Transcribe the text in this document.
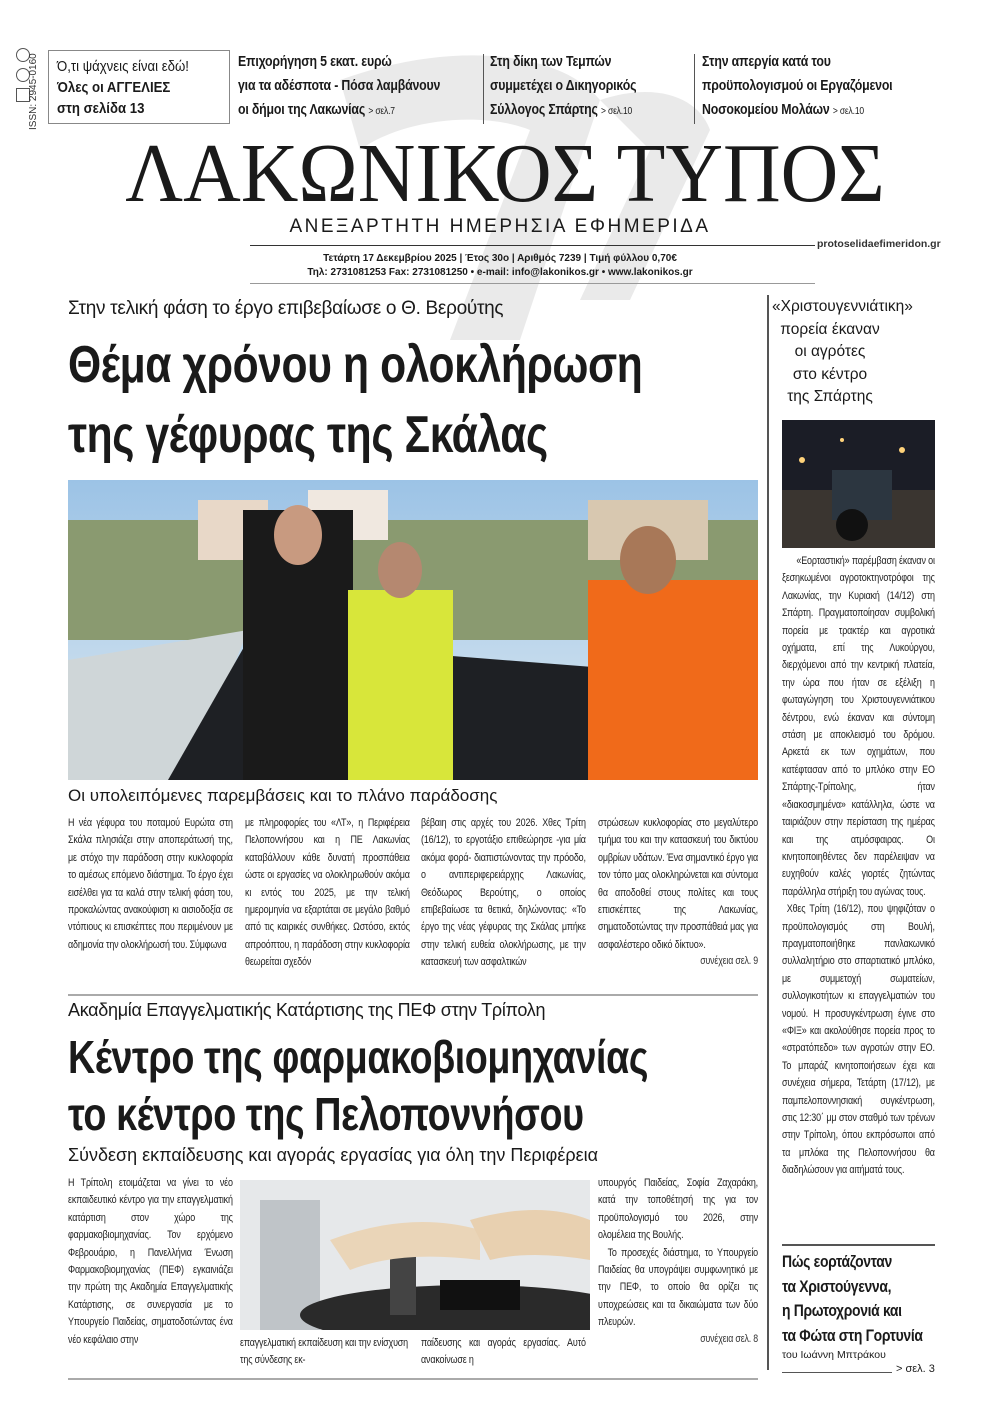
ISSN: 2945-0160 Ό,τι ψάχνεις είναι εδώ!
Όλες οι ΑΓΓΕΛΙΕΣ
στη σελίδα 13
Επιχορήγηση 5 εκατ. ευρώ
για τα αδέσποτα - Πόσα λαμβάνουν
οι δήμοι της Λακωνίας > σελ.7
Στη δίκη των Τεμπών
συμμετέχει ο Δικηγορικός
Σύλλογος Σπάρτης > σελ.10
Στην απεργία κατά του
προϋπολογισμού οι Εργαζόμενοι
Νοσοκομείου Μολάων > σελ.10
ΛΑΚΩΝΙΚΟΣ ΤΥΠΟΣ
ΑΝΕΞΑΡΤΗΤΗ ΗΜΕΡΗΣΙΑ ΕΦΗΜΕΡΙΔΑ
protoselidaefimeridon.gr
Τετάρτη 17 Δεκεμβρίου 2025 | Έτος 30ο | Αριθμός 7239 | Τιμή φύλλου 0,70€
Τηλ: 2731081253 Fax: 2731081250 • e-mail: info@lakonikos.gr • www.lakonikos.gr
Στην τελική φάση το έργο επιβεβαίωσε ο Θ. Βερούτης
Θέμα χρόνου η ολοκλήρωση
της γέφυρας της Σκάλας
Οι υπολειπόμενες παρεμβάσεις και το πλάνο παράδοσης
Η νέα γέφυρα του ποταμού Ευρώτα στη Σκάλα πλησιάζει στην αποπεράτωσή της, με στόχο την παράδοση στην κυκλοφορία το αμέσως επόμενο διάστημα. Το έργο έχει εισέλθει για τα καλά στην τελική φάση του, προκαλώντας ανακούφιση κι αισιοδοξία σε ντόπιους κι επισκέπτες που περιμένουν με αδημονία την ολοκλήρωσή του. Σύμφωνα
με πληροφορίες του «ΛΤ», η Περιφέρεια Πελοποννήσου και η ΠΕ Λακωνίας καταβάλλουν κάθε δυνατή προσπάθεια ώστε οι εργασίες να ολοκληρωθούν ακόμα κι εντός του 2025, με την τελική ημερομηνία να εξαρτάται σε μεγάλο βαθμό από τις καιρικές συνθήκες. Ωστόσο, εκτός απροόπτου, η παράδοση στην κυκλοφορία θεωρείται σχεδόν
βέβαιη στις αρχές του 2026. Χθες Τρίτη (16/12), το εργοτάξιο επιθεώρησε -για μία ακόμα φορά- διαπιστώνοντας την πρόοδο, ο αντιπεριφερειάρχης Λακωνίας, Θεόδωρος Βερούτης, ο οποίος επιβεβαίωσε τα θετικά, δηλώνοντας: «Το έργο της νέας γέφυρας της Σκάλας μπήκε στην τελική ευθεία ολοκλήρωσης, με την κατασκευή των ασφαλτικών
στρώσεων κυκλοφορίας στο μεγαλύτερο τμήμα του και την κατασκευή του δικτύου ομβρίων υδάτων. Ένα σημαντικό έργο για τον τόπο μας ολοκληρώνεται και σύντομα θα αποδοθεί στους πολίτες και τους επισκέπτες της Λακωνίας, σηματοδοτώντας την προσπάθειά μας για ασφαλέστερο οδικό δίκτυο».
συνέχεια σελ. 9
Ακαδημία Επαγγελματικής Κατάρτισης της ΠΕΦ στην Τρίπολη
Κέντρο της φαρμακοβιομηχανίας
το κέντρο της Πελοποννήσου
Σύνδεση εκπαίδευσης και αγοράς εργασίας για όλη την Περιφέρεια
Η Τρίπολη ετοιμάζεται να γίνει το νέο εκπαιδευτικό κέντρο για την επαγγελματική κατάρτιση στον χώρο της φαρμακοβιομηχανίας. Τον ερχόμενο Φεβρουάριο, η Πανελλήνια Ένωση Φαρμακοβιομηχανίας (ΠΕΦ) εγκαινιάζει την πρώτη της Ακαδημία Επαγγελματικής Κατάρτισης, σε συνεργασία με το Υπουργείο Παιδείας, σηματοδοτώντας ένα νέο κεφάλαιο στην	επαγγελματική εκπαίδευση και την ενίσχυση της σύνδεσης εκ-
παίδευσης και αγοράς εργασίας. Αυτό ανακοίνωσε η
υπουργός Παιδείας, Σοφία Ζαχαράκη, κατά την τοποθέτησή της για τον προϋπολογισμό του 2026, στην ολομέλεια της Βουλής.

Το προσεχές διάστημα, το Υπουργείο Παιδείας θα υπογράψει συμφωνητικό με την ΠΕΦ, το οποίο θα ορίζει τις υποχρεώσεις και τα δικαιώματα των δύο πλευρών.

συνέχεια σελ. 8
«Χριστουγεννιάτικη»
πορεία έκαναν
οι αγρότες
στο κέντρο
της Σπάρτης

«Εορταστική» παρέμβαση έκαναν οι ξεσηκωμένοι αγροτοκτηνοτρόφοι της Λακωνίας, την Κυριακή (14/12) στη Σπάρτη. Πραγματοποίησαν συμβολική πορεία με τρακτέρ και αγροτικά οχήματα, επί της Λυκούργου, διερχόμενοι από την κεντρική πλατεία, την ώρα που ήταν σε εξέλιξη η φωταγώγηση του Χριστουγεννιάτικου δέντρου, ενώ έκαναν και σύντομη στάση με αποκλεισμό του δρόμου. Αρκετά εκ των οχημάτων, που κατέφτασαν από το μπλόκο στην ΕΟ Σπάρτης-Τρίπολης, ήταν «διακοσμημένα» κατάλληλα, ώστε να ταιριάζουν στην περίσταση της ημέρας και της ατμόσφαιρας. Οι κινητοποιηθέντες δεν παρέλειψαν να ευχηθούν καλές γιορτές ζητώντας παράλληλα στήριξη του αγώνας τους.

Χθες Τρίτη (16/12), που ψηφιζόταν ο προϋπολογισμός στη Βουλή, πραγματοποιήθηκε πανλακωνικό συλλαλητήριο στο σπαρτιατικό μπλόκο, με συμμετοχή σωματείων, συλλογικοτήτων κι επαγγελματιών του νομού. Η προσυγκέντρωση έγινε στο «ΦΙΞ» και ακολούθησε πορεία προς το «στρατόπεδο» των αγροτών στην ΕΟ. Το μπαράζ κινητοποιήσεων έχει και συνέχεια σήμερα, Τετάρτη (17/12), με παμπελοποννησιακή συγκέντρωση, στις 12:30΄ μμ στον σταθμό των τρένων στην Τρίπολη, όπου εκπρόσωποι από τα μπλόκα της Πελοποννήσου θα διαδηλώσουν για αιτήματά τους.

Πώς εορτάζονταν
τα Χριστούγεννα,
η Πρωτοχρονιά και
τα Φώτα στη Γορτυνία
του Ιωάννη Μπτράκου
> σελ. 3
